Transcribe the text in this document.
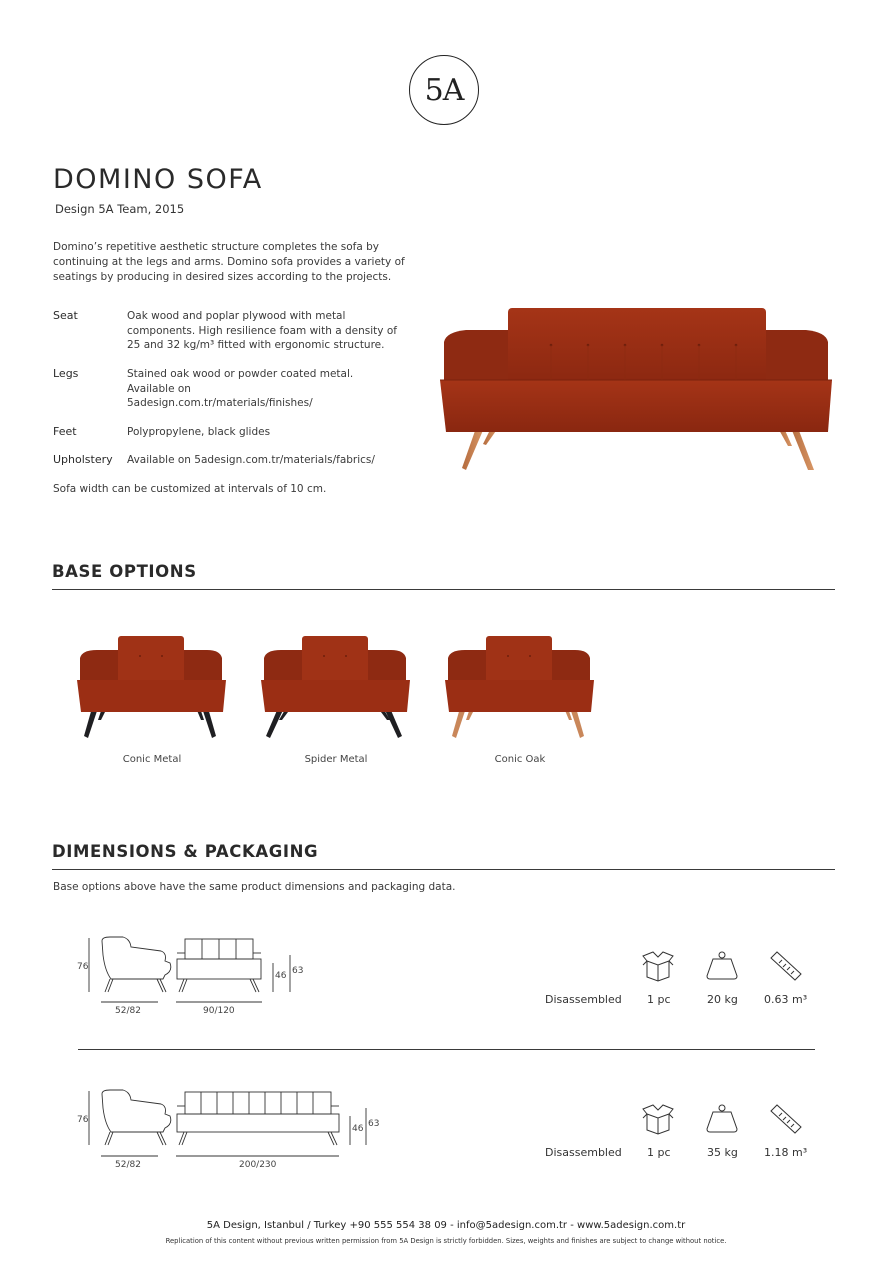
5A
DOMINO SOFA
Design 5A Team, 2015

Domino’s repetitive aesthetic structure completes the sofa by continuing at the legs and arms. Domino sofa provides a variety of seatings by producing in desired sizes according to the projects.

Seat	Oak wood and poplar plywood with metal components. High resilience foam with a density of 25 and 32 kg/m³ fitted with ergonomic structure.
Legs	Stained oak wood or powder coated metal. Available on 5adesign.com.tr/materials/finishes/
Feet	Polypropylene, black glides
Upholstery	Available on 5adesign.com.tr/materials/fabrics/
Sofa width can be customized at intervals of 10 cm.
BASE OPTIONS
Conic Metal	Spider Metal	Conic Oak
DIMENSIONS & PACKAGING
Base options above have the same product dimensions and packaging data.
76
52/82	90/120
46 63
Disassembled 1 pc	20 kg 0.63 m³
76
52/82	200/230
46 63
Disassembled 1 pc	35 kg 1.18 m³
5A Design, Istanbul / Turkey +90 555 554 38 09 - info@5adesign.com.tr - www.5adesign.com.tr
Replication of this content without previous written permission from 5A Design is strictly forbidden. Sizes, weights and finishes are subject to change without notice.
